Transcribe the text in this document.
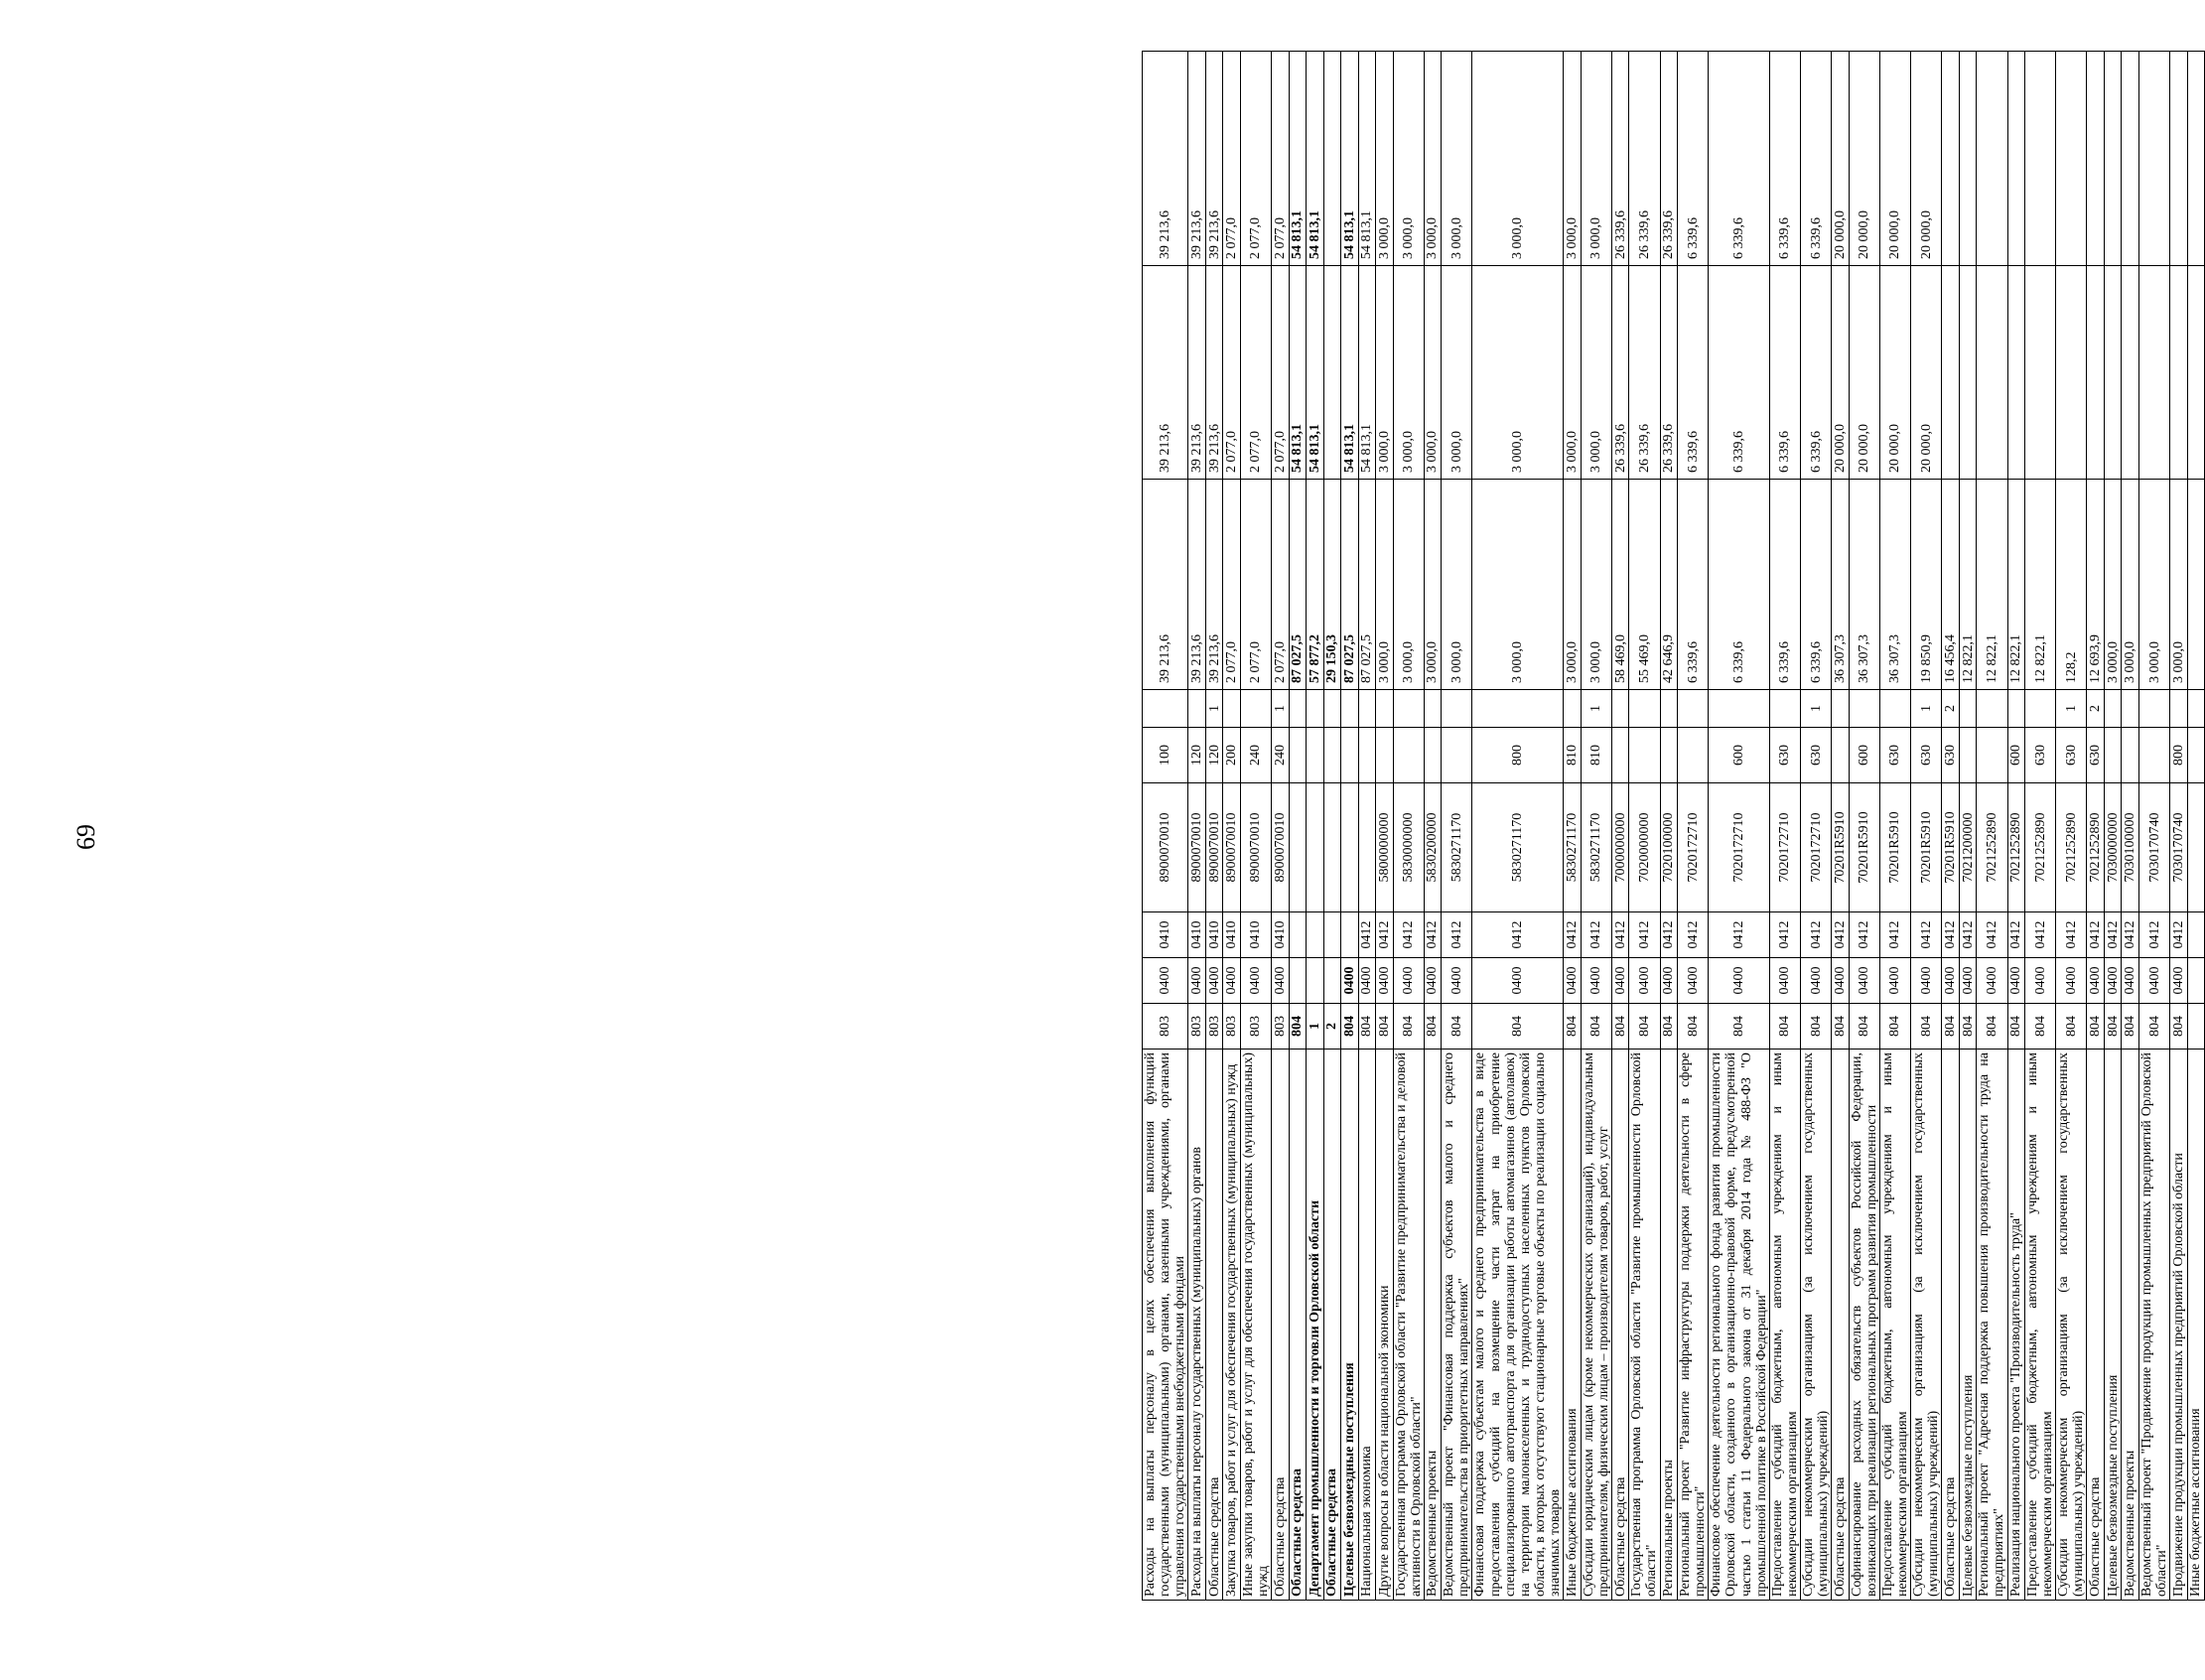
69
Расходы на выплаты персоналу в целях обеспечения выполнения функций государственными (муниципальными) органами, казенными учреждениями, органами управления государственными внебюджетными фондами	803	0400	0410	8900070010	100		39 213,6	39 213,6	39 213,6
Расходы на выплаты персоналу государственных (муниципальных) органов	803	0400	0410	8900070010	120		39 213,6	39 213,6	39 213,6
Областные средства	803	0400	0410	8900070010	120	1	39 213,6	39 213,6	39 213,6
Закупка товаров, работ и услуг для обеспечения государственных (муниципальных) нужд	803	0400	0410	8900070010	200		2 077,0	2 077,0	2 077,0
Иные закупки товаров, работ и услуг для обеспечения государственных (муниципальных) нужд	803	0400	0410	8900070010	240		2 077,0	2 077,0	2 077,0
Областные средства	803	0400	0410	8900070010	240	1	2 077,0	2 077,0	2 077,0
Областные средства	804						87 027,5	54 813,1	54 813,1
Департамент промышленности и торговли Орловской области	1						57 877,2	54 813,1	54 813,1
Областные средства	2						29 150,3		
Целевые безвозмездные поступления	804	0400					87 027,5	54 813,1	54 813,1
Национальная экономика	804	0400	0412				87 027,5	54 813,1	54 813,1
Другие вопросы в области национальной экономики	804	0400	0412	5800000000			3 000,0	3 000,0	3 000,0
Государственная программа Орловской области "Развитие предпринимательства и деловой активности в Орловской области"	804	0400	0412	5830000000			3 000,0	3 000,0	3 000,0
Ведомственные проекты	804	0400	0412	5830200000			3 000,0	3 000,0	3 000,0
Ведомственный проект "Финансовая поддержка субъектов малого и среднего предпринимательства в приоритетных направлениях"	804	0400	0412	5830271170			3 000,0	3 000,0	3 000,0
Финансовая поддержка субъектам малого и среднего предпринимательства в виде предоставления субсидий на возмещение части затрат на приобретение специализированного автотранспорта для организации работы автомагазинов (автолавок) на территории малонаселенных и труднодоступных населенных пунктов Орловской области, в которых отсутствуют стационарные торговые объекты по реализации социально значимых товаров	804	0400	0412	5830271170	800		3 000,0	3 000,0	3 000,0
Иные бюджетные ассигнования	804	0400	0412	5830271170	810		3 000,0	3 000,0	3 000,0
Субсидии юридическим лицам (кроме некоммерческих организаций), индивидуальным предпринимателям, физическим лицам – производителям товаров, работ, услуг	804	0400	0412	5830271170	810	1	3 000,0	3 000,0	3 000,0
Областные средства	804	0400	0412	7000000000			58 469,0	26 339,6	26 339,6
Государственная программа Орловской области "Развитие промышленности Орловской области"	804	0400	0412	7020000000			55 469,0	26 339,6	26 339,6
Региональные проекты	804	0400	0412	7020100000			42 646,9	26 339,6	26 339,6
Региональный проект "Развитие инфраструктуры поддержки деятельности в сфере промышленности"	804	0400	0412	7020172710			6 339,6	6 339,6	6 339,6
Финансовое обеспечение деятельности регионального фонда развития промышленности Орловской области, созданного в организационно-правовой форме, предусмотренной частью 1 статьи 11 Федерального закона от 31 декабря 2014 года № 488-ФЗ "О промышленной политике в Российской Федерации"	804	0400	0412	7020172710	600		6 339,6	6 339,6	6 339,6
Предоставление субсидий бюджетным, автономным учреждениям и иным некоммерческим организациям	804	0400	0412	7020172710	630		6 339,6	6 339,6	6 339,6
Субсидии некоммерческим организациям (за исключением государственных (муниципальных) учреждений)	804	0400	0412	7020172710	630	1	6 339,6	6 339,6	6 339,6
Областные средства	804	0400	0412	70201R5910			36 307,3	20 000,0	20 000,0
Софинансирование расходных обязательств субъектов Российской Федерации, возникающих при реализации региональных программ развития промышленности	804	0400	0412	70201R5910	600		36 307,3	20 000,0	20 000,0
Предоставление субсидий бюджетным, автономным учреждениям и иным некоммерческим организациям	804	0400	0412	70201R5910	630		36 307,3	20 000,0	20 000,0
Субсидии некоммерческим организациям (за исключением государственных (муниципальных) учреждений)	804	0400	0412	70201R5910	630	1	19 850,9	20 000,0	20 000,0
Областные средства	804	0400	0412	70201R5910	630	2	16 456,4		
Целевые безвозмездные поступления	804	0400	0412	7021200000			12 822,1		
Региональный проект "Адресная поддержка повышения производительности труда на предприятиях"	804	0400	0412	7021252890			12 822,1		
Реализация национального проекта "Производительность труда"	804	0400	0412	7021252890	600		12 822,1		
Предоставление субсидий бюджетным, автономным учреждениям и иным некоммерческим организациям	804	0400	0412	7021252890	630		12 822,1		
Субсидии некоммерческим организациям (за исключением государственных (муниципальных) учреждений)	804	0400	0412	7021252890	630	1	128,2		
Областные средства	804	0400	0412	7021252890	630	2	12 693,9		
Целевые безвозмездные поступления	804	0400	0412	7030000000			3 000,0		
Ведомственные проекты	804	0400	0412	7030100000			3 000,0		
Ведомственный проект "Продвижение продукции промышленных предприятий Орловской области"	804	0400	0412	7030170740			3 000,0		
Продвижение продукции промышленных предприятий Орловской области	804	0400	0412	7030170740	800		3 000,0		
Иные бюджетные ассигнования									
